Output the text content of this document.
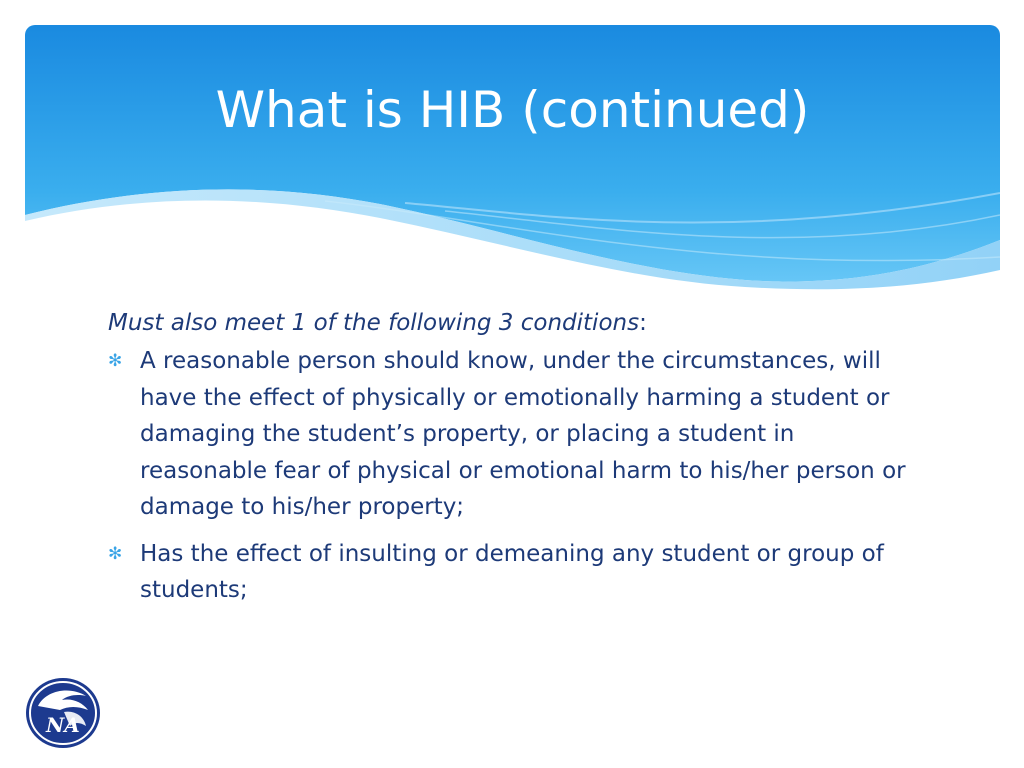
What is HIB (continued)

Must also meet 1 of the following 3 conditions:

✻ A reasonable person should know, under the circumstances, will have the effect of physically or emotionally harming a student or damaging the student’s property, or placing a student in reasonable fear of physical or emotional harm to his/her person or damage to his/her property;
✻ Has the effect of insulting or demeaning any student or group of students;
NA
